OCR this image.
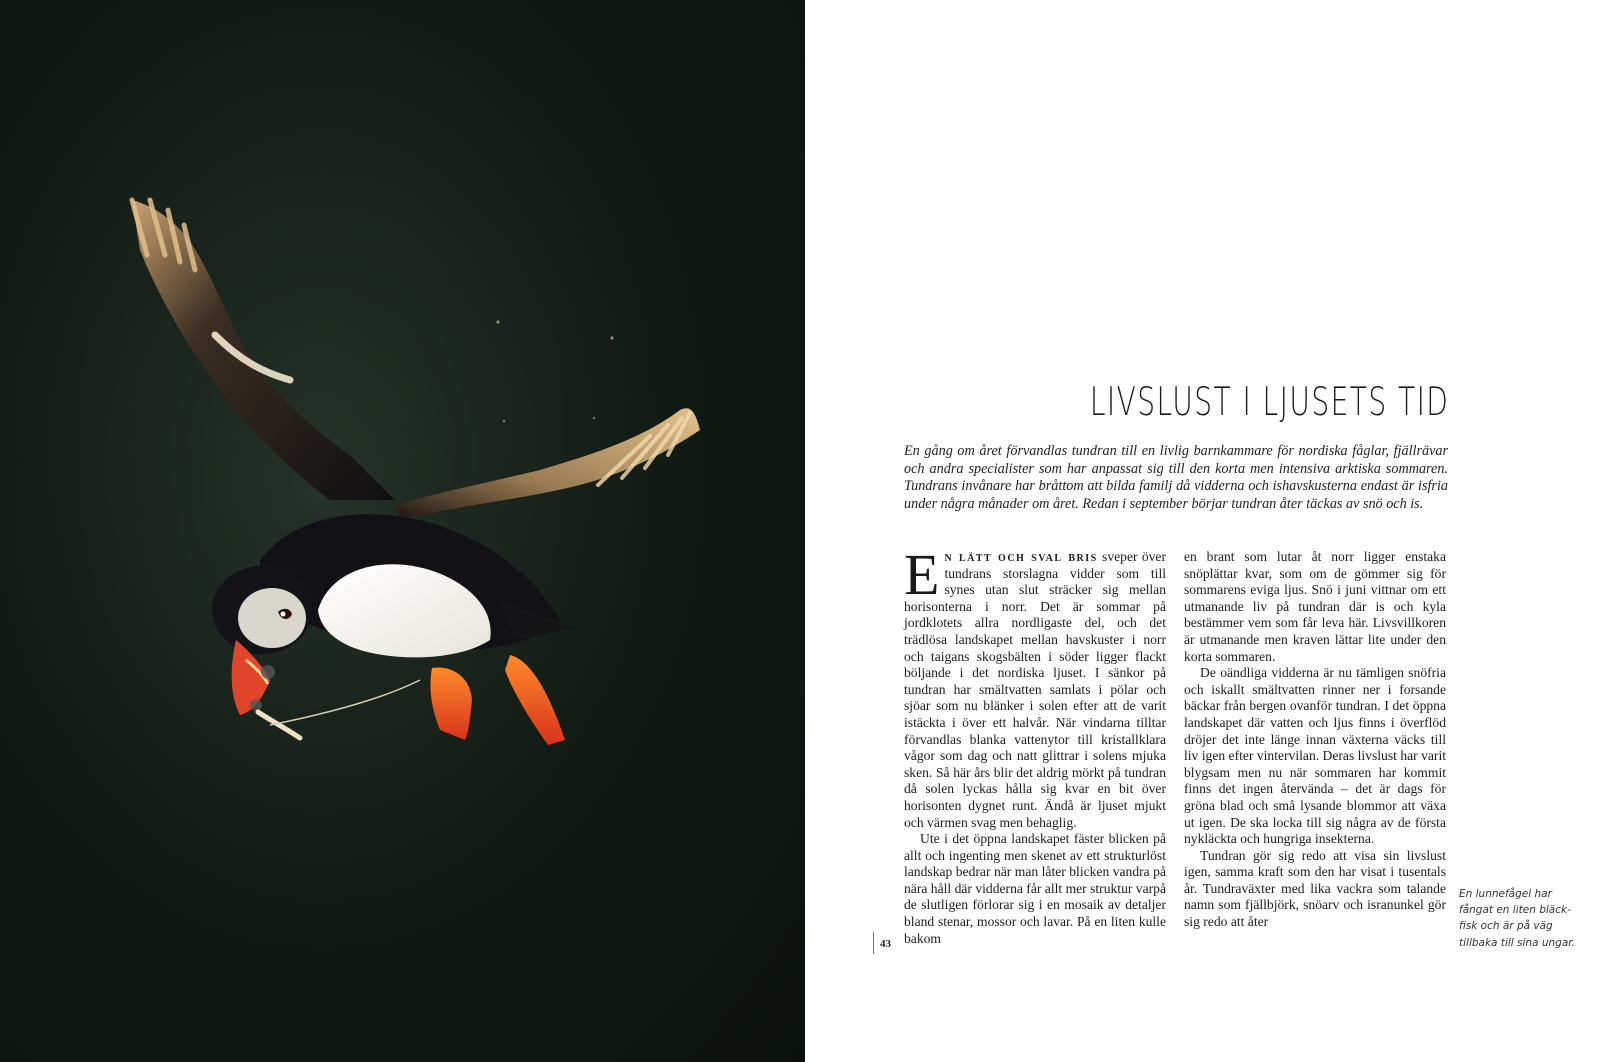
LIVSLUST I LJUSETS TID

En gång om året förvandlas tundran till en livlig barnkammare för nordiska fåglar, fjällrävar och andra specialister som har anpassat sig till den korta men intensiva arktiska sommaren. Tundrans invånare har bråttom att bilda familj då vidderna och ishavskusterna endast är isfria under några månader om året. Redan i september börjar tundran åter täckas av snö och is.

En lätt och sval bris sveper över tundrans storslagna vidder som till synes utan slut sträcker sig mellan horisonterna i norr. Det är sommar på jordklotets allra nordligaste del, och det trädlösa landskapet mellan havskuster i norr och taigans skogsbälten i söder ligger flackt böljande i det nordiska ljuset. I sänkor på tundran har smältvatten samlats i pölar och sjöar som nu blänker i solen efter att de varit istäckta i över ett halvår. När vindarna tilltar förvandlas blanka vattenytor till kristallklara vågor som dag och natt glittrar i solens mjuka sken. Så här års blir det aldrig mörkt på tundran då solen lyckas hålla sig kvar en bit över horisonten dygnet runt. Ändå är ljuset mjukt och värmen svag men behaglig.

Ute i det öppna landskapet fäster blicken på allt och ingenting men skenet av ett strukturlöst landskap bedrar när man låter blicken vandra på nära håll där vidderna får allt mer struktur varpå de slutligen förlorar sig i en mosaik av detaljer bland stenar, mossor och lavar. På en liten kulle bakom

en brant som lutar åt norr ligger enstaka snöplättar kvar, som om de gömmer sig för sommarens eviga ljus. Snö i juni vittnar om ett utmanande liv på tundran där is och kyla bestämmer vem som får leva här. Livsvillkoren är utmanande men kraven lättar lite under den korta sommaren.

De oändliga vidderna är nu tämligen snöfria och iskallt smältvatten rinner ner i forsande bäckar från bergen ovanför tundran. I det öppna landskapet där vatten och ljus finns i överflöd dröjer det inte länge innan växterna väcks till liv igen efter vintervilan. Deras livslust har varit blygsam men nu när sommaren har kommit finns det ingen återvända – det är dags för gröna blad och små lysande blommor att växa ut igen. De ska locka till sig några av de första nykläckta och hungriga insekterna.

Tundran gör sig redo att visa sin livslust igen, samma kraft som den har visat i tusentals år. Tundraväxter med lika vackra som talande namn som fjällbjörk, snöarv och isranunkel gör sig redo att åter

43

En lunnefågel har fångat en liten bläckfisk och är på väg tillbaka till sina ungar.
